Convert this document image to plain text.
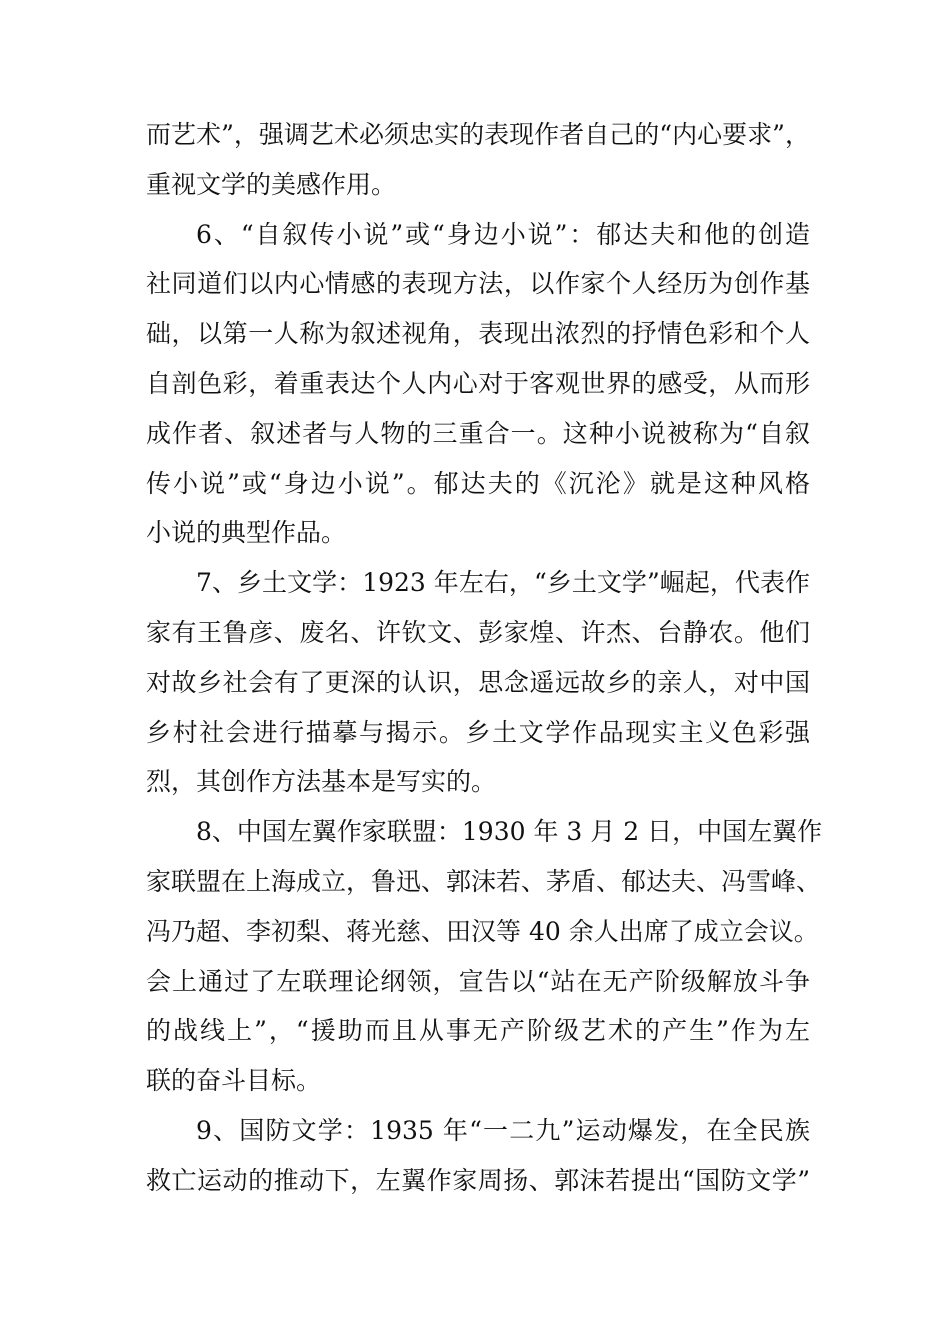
而艺术”，强调艺术必须忠实的表现作者自己的“内心要求”，
重视文学的美感作用。
6、“自叙传小说”或“身边小说”：郁达夫和他的创造
社同道们以内心情感的表现方法，以作家个人经历为创作基
础，以第一人称为叙述视角，表现出浓烈的抒情色彩和个人
自剖色彩，着重表达个人内心对于客观世界的感受，从而形
成作者、叙述者与人物的三重合一。这种小说被称为“自叙
传小说”或“身边小说”。郁达夫的《沉沦》就是这种风格
小说的典型作品。
7、乡土文学：1923 年左右，“乡土文学”崛起，代表作
家有王鲁彦、废名、许钦文、彭家煌、许杰、台静农。他们
对故乡社会有了更深的认识，思念遥远故乡的亲人，对中国
乡村社会进行描摹与揭示。乡土文学作品现实主义色彩强
烈，其创作方法基本是写实的。
8、中国左翼作家联盟：1930 年 3 月 2 日，中国左翼作
家联盟在上海成立，鲁迅、郭沫若、茅盾、郁达夫、冯雪峰、
冯乃超、李初梨、蒋光慈、田汉等 40 余人出席了成立会议。
会上通过了左联理论纲领，宣告以“站在无产阶级解放斗争
的战线上”，“援助而且从事无产阶级艺术的产生”作为左
联的奋斗目标。
9、国防文学：1935 年“一二九”运动爆发，在全民族
救亡运动的推动下，左翼作家周扬、郭沫若提出“国防文学”
